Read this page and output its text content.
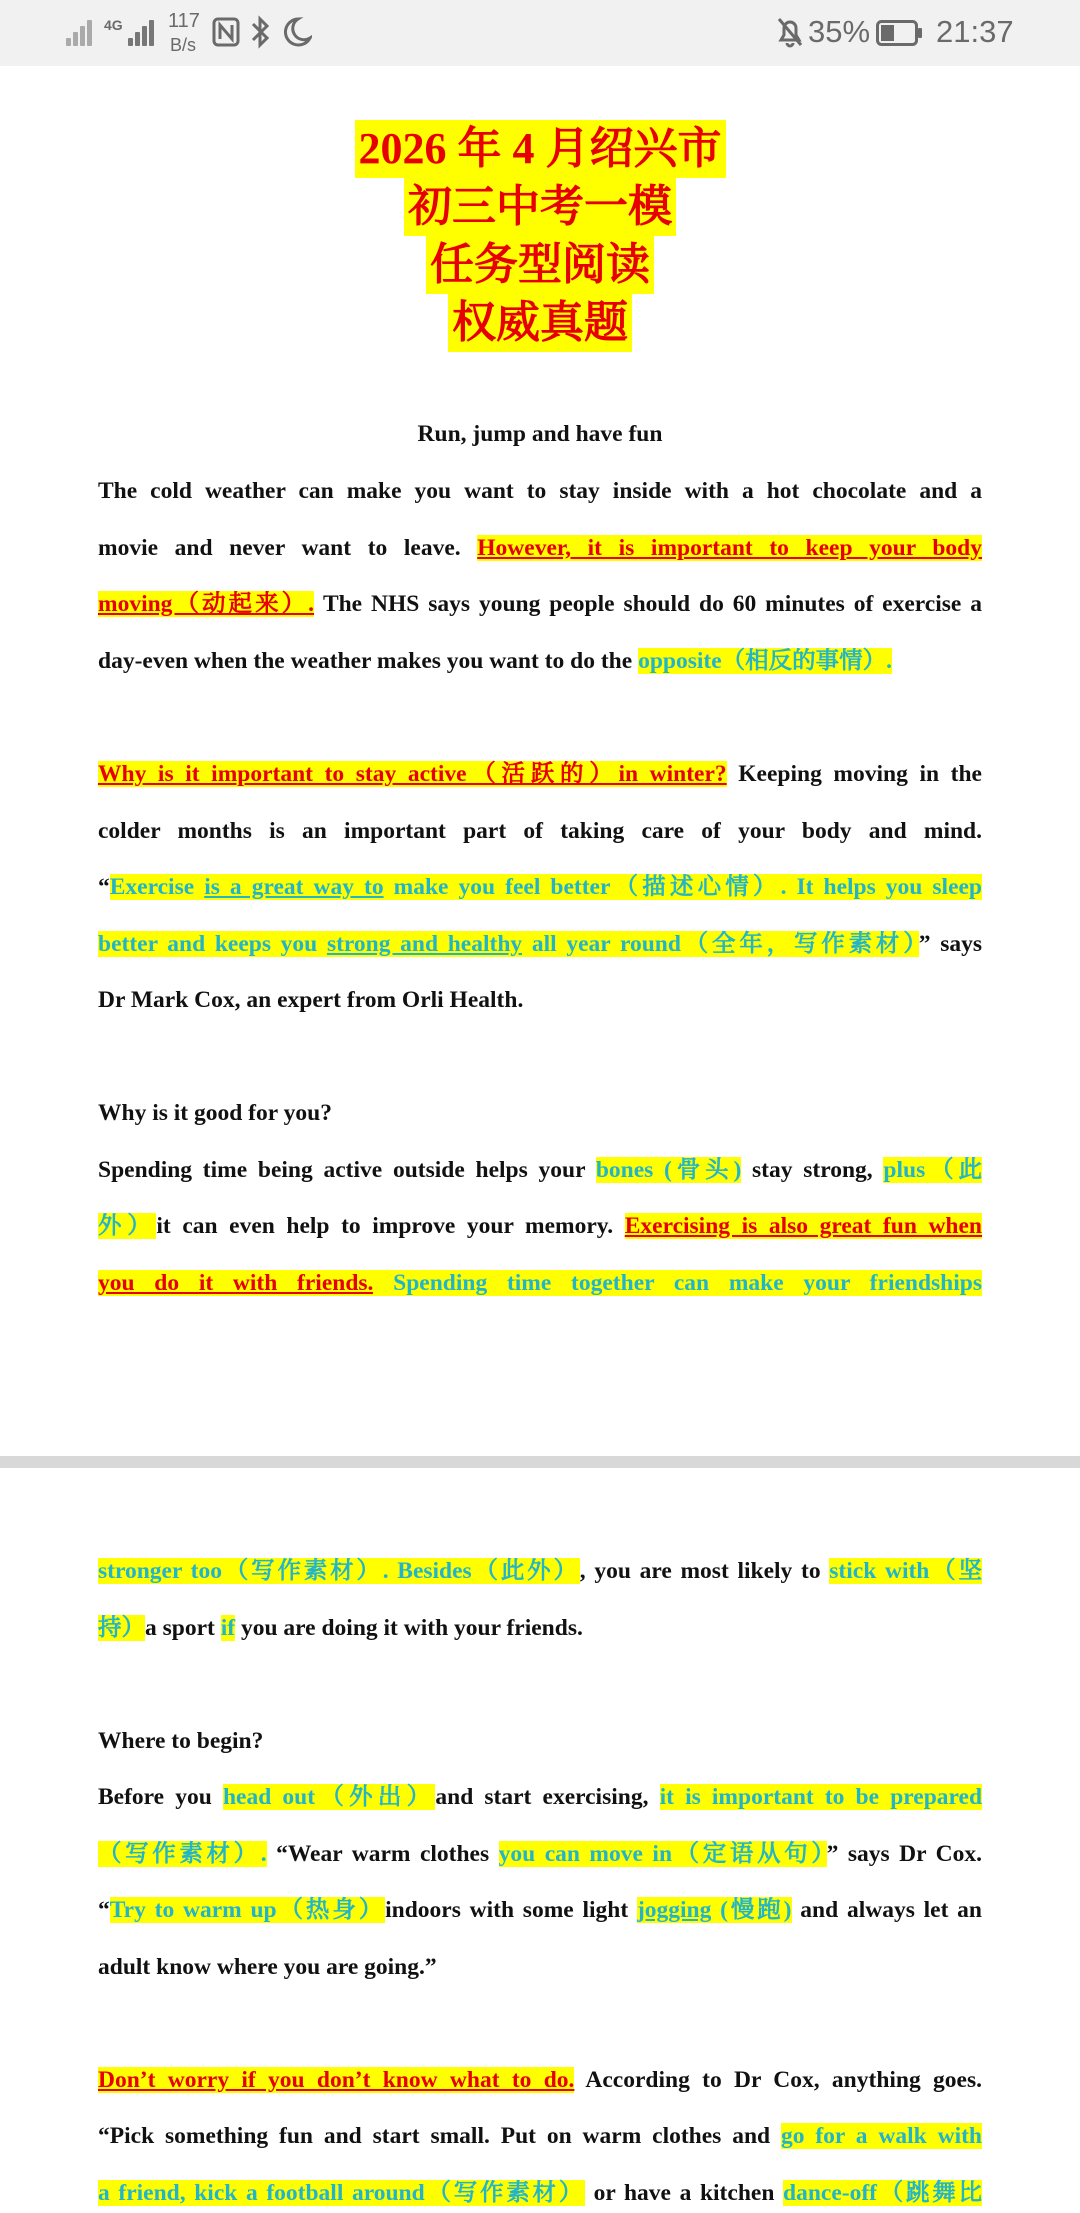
4G 117
B/s	35% 21:37
2026 年 4 月绍兴市
初三中考一模
任务型阅读
权威真题
Run, jump and have fun
The cold weather can make you want to stay inside with a hot chocolate and a
movie and never want to leave. However, it is important to keep your body
moving（动起来）. The NHS says young people should do 60 minutes of exercise a
day-even when the weather makes you want to do the opposite（相反的事情）.
Why is it important to stay active（活跃的）in winter? Keeping moving in the
colder months is an important part of taking care of your body and mind.
“Exercise is a great way to make you feel better（描述心情）. It helps you sleep
better and keeps you strong and healthy all year round（全年，写作素材）” says
Dr Mark Cox, an expert from Orli Health.
Why is it good for you?
Spending time being active outside helps your bones (骨头) stay strong, plus（此
外）it can even help to improve your memory. Exercising is also great fun when
you do it with friends. Spending time together can make your friendships
stronger too（写作素材）. Besides（此外）, you are most likely to stick with（坚
持）a sport if you are doing it with your friends.
Where to begin?
Before you head out（外出）and start exercising, it is important to be prepared
（写作素材）. “Wear warm clothes you can move in（定语从句）” says Dr Cox.
“Try to warm up（热身）indoors with some light jogging (慢跑) and always let an
adult know where you are going.”
Don’t worry if you don’t know what to do. According to Dr Cox, anything goes.
“Pick something fun and start small. Put on warm clothes and go for a walk with
a friend, kick a football around（写作素材） or have a kitchen dance-off（跳舞比
